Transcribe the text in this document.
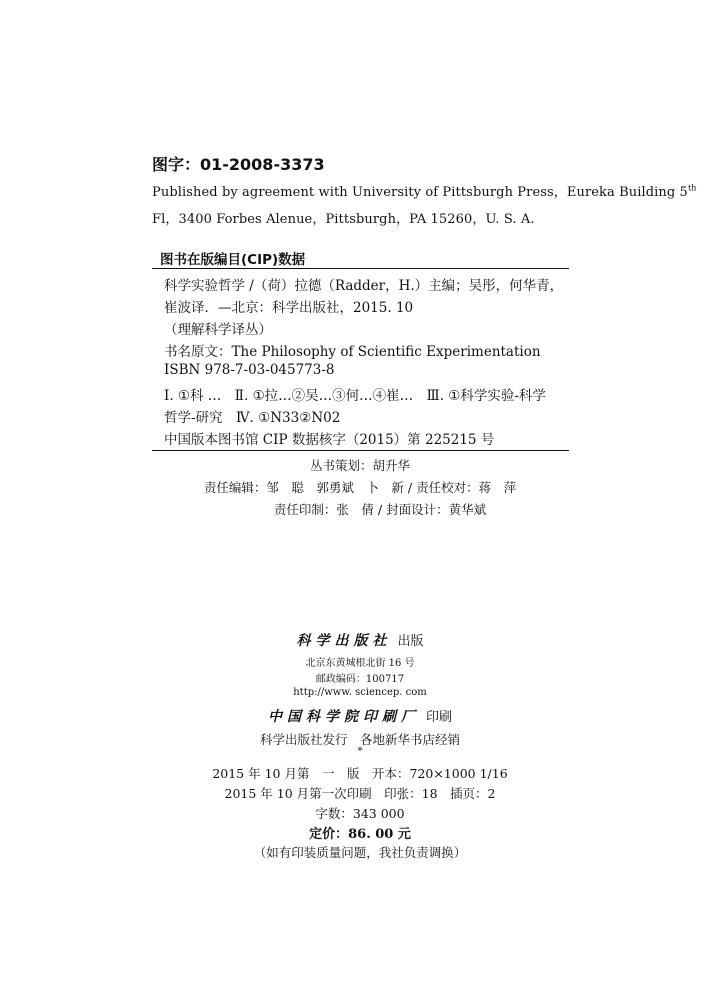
图字：01-2008-3373
Published by agreement with University of Pittsburgh Press，Eureka Building 5th
Fl，3400 Forbes Alenue，Pittsburgh，PA 15260，U. S. A.
图书在版编目(CIP)数据
科学实验哲学 /（荷）拉德（Radder，H.）主编；吴彤，何华青，
崔波译．—北京：科学出版社，2015. 10
（理解科学译丛）
书名原文：The Philosophy of Scientific Experimentation
ISBN 978-7-03-045773-8
Ⅰ. ①科 …　Ⅱ. ①拉…②吴…③何…④崔…　Ⅲ. ①科学实验-科学
哲学-研究　Ⅳ. ①N33②N02
中国版本图书馆 CIP 数据核字（2015）第 225215 号
丛书策划：胡升华
责任编辑：邹　聪　郭勇斌　卜　新 / 责任校对：蒋　萍
责任印制：张　倩 / 封面设计：黄华斌
科学出版社 出版
北京东黄城根北街 16 号
邮政编码：100717
http://www. sciencep. com
中国科学院印刷厂 印刷
科学出版社发行　各地新华书店经销
*
2015 年 10 月第　一　版　开本：720×1000 1/16
2015 年 10 月第一次印刷　印张：18　插页：2
字数：343 000
定价：86. 00 元
（如有印装质量问题，我社负责调换）
